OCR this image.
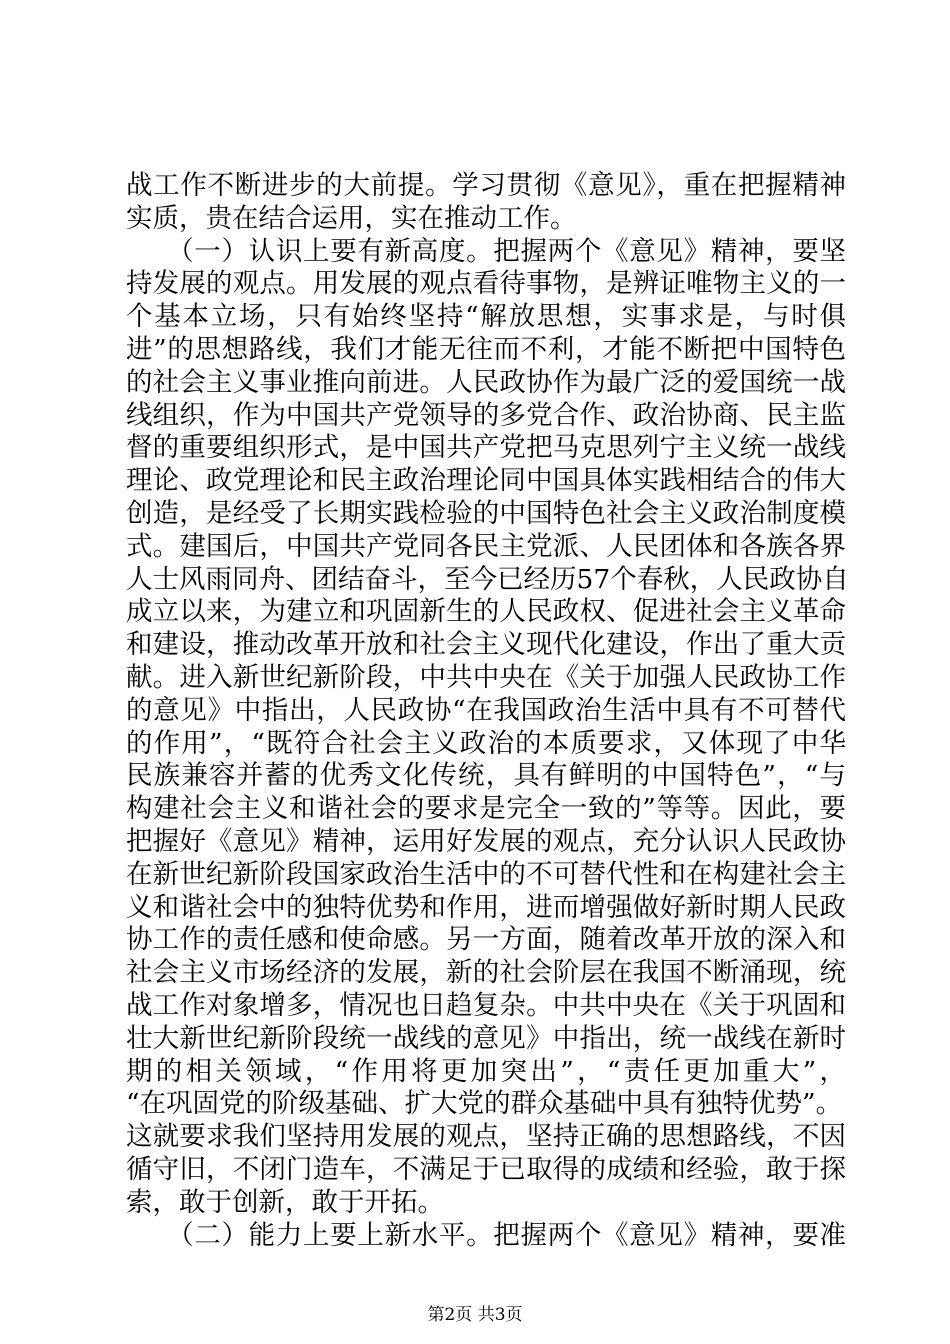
战工作不断进步的大前提。学习贯彻《意见》，重在把握精神
实质，贵在结合运用，实在推动工作。
　　（一）认识上要有新高度。把握两个《意见》精神，要坚
持发展的观点。用发展的观点看待事物，是辨证唯物主义的一
个基本立场，只有始终坚持“解放思想，实事求是，与时俱
进”的思想路线，我们才能无往而不利，才能不断把中国特色
的社会主义事业推向前进。人民政协作为最广泛的爱国统一战
线组织，作为中国共产党领导的多党合作、政治协商、民主监
督的重要组织形式，是中国共产党把马克思列宁主义统一战线
理论、政党理论和民主政治理论同中国具体实践相结合的伟大
创造，是经受了长期实践检验的中国特色社会主义政治制度模
式。建国后，中国共产党同各民主党派、人民团体和各族各界
人士风雨同舟、团结奋斗，至今已经历57个春秋，人民政协自
成立以来，为建立和巩固新生的人民政权、促进社会主义革命
和建设，推动改革开放和社会主义现代化建设，作出了重大贡
献。进入新世纪新阶段，中共中央在《关于加强人民政协工作
的意见》中指出，人民政协“在我国政治生活中具有不可替代
的作用”，“既符合社会主义政治的本质要求，又体现了中华
民族兼容并蓄的优秀文化传统，具有鲜明的中国特色”，“与
构建社会主义和谐社会的要求是完全一致的”等等。因此，要
把握好《意见》精神，运用好发展的观点，充分认识人民政协
在新世纪新阶段国家政治生活中的不可替代性和在构建社会主
义和谐社会中的独特优势和作用，进而增强做好新时期人民政
协工作的责任感和使命感。另一方面，随着改革开放的深入和
社会主义市场经济的发展，新的社会阶层在我国不断涌现，统
战工作对象增多，情况也日趋复杂。中共中央在《关于巩固和
壮大新世纪新阶段统一战线的意见》中指出，统一战线在新时
期的相关领域，“作用将更加突出”，“责任更加重大”，
“在巩固党的阶级基础、扩大党的群众基础中具有独特优势”。
这就要求我们坚持用发展的观点，坚持正确的思想路线，不因
循守旧，不闭门造车，不满足于已取得的成绩和经验，敢于探
索，敢于创新，敢于开拓。
　　（二）能力上要上新水平。把握两个《意见》精神，要准
第2页 共3页
